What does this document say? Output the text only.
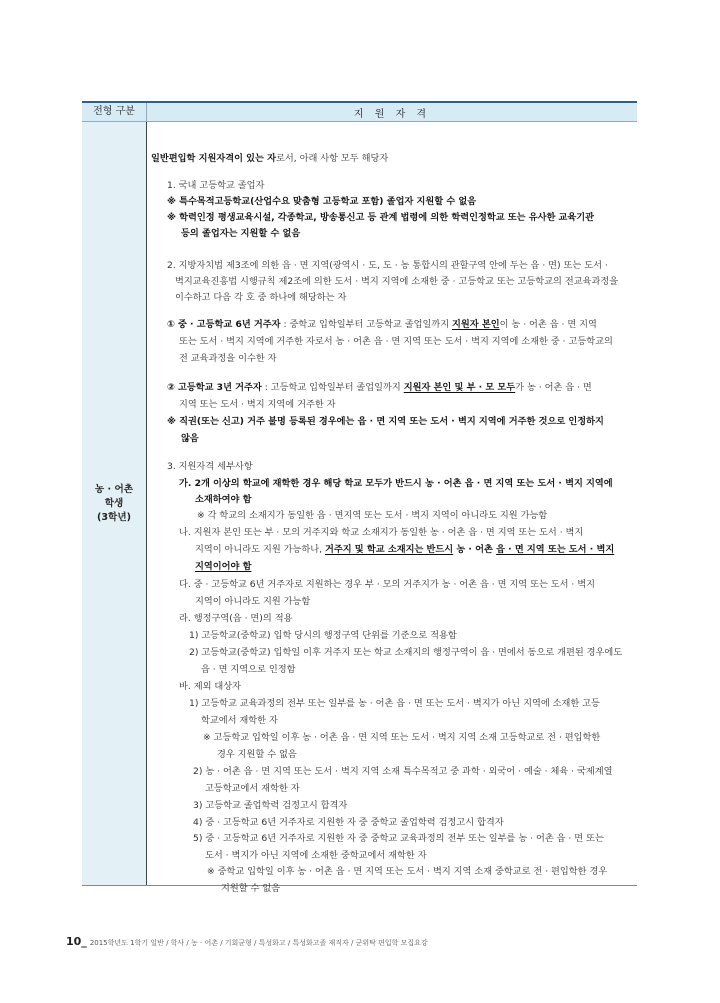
전형 구분	지 원 자 격
농 · 어촌
학생
(3학년)
일반편입학 지원자격이 있는 자로서, 아래 사항 모두 해당자
1. 국내 고등학교 졸업자
※ 특수목적고등학교(산업수요 맞춤형 고등학교 포함) 졸업자 지원할 수 없음
※ 학력인정 평생교육시설, 각종학교, 방송통신고 등 관계 법령에 의한 학력인정학교 또는 유사한 교육기관
등의 졸업자는 지원할 수 없음
2. 지방자치법 제3조에 의한 읍 · 면 지역(광역시 · 도, 도 · 농 통합시의 관할구역 안에 두는 읍 · 면) 또는 도서 ·
벽지교육진흥법 시행규칙 제2조에 의한 도서 · 벽지 지역에 소재한 중 · 고등학교 또는 고등학교의 전교육과정을
이수하고 다음 각 호 중 하나에 해당하는 자
① 중 · 고등학교 6년 거주자 : 중학교 입학일부터 고등학교 졸업일까지 지원자 본인이 농 · 어촌 읍 · 면 지역
또는 도서 · 벽지 지역에 거주한 자로서 농 · 어촌 읍 · 면 지역 또는 도서 · 벽지 지역에 소재한 중 · 고등학교의
전 교육과정을 이수한 자
② 고등학교 3년 거주자 : 고등학교 입학일부터 졸업일까지 지원자 본인 및 부 · 모 모두가 농 · 어촌 읍 · 면
지역 또는 도서 · 벽지 지역에 거주한 자
※ 직권(또는 신고) 거주 불명 등록된 경우에는 읍 · 면 지역 또는 도서 · 벽지 지역에 거주한 것으로 인정하지
않음
3. 지원자격 세부사항
가. 2개 이상의 학교에 재학한 경우 해당 학교 모두가 반드시 농 · 어촌 읍 · 면 지역 또는 도서 · 벽지 지역에
소재하여야 함
※ 각 학교의 소재지가 동일한 읍 · 면지역 또는 도서 · 벽지 지역이 아니라도 지원 가능함
나. 지원자 본인 또는 부 · 모의 거주지와 학교 소재지가 동일한 농 · 어촌 읍 · 면 지역 또는 도서 · 벽지
지역이 아니라도 지원 가능하나, 거주지 및 학교 소재지는 반드시 농 · 어촌 읍 · 면 지역 또는 도서 · 벽지
지역이어야 함
다. 중 · 고등학교 6년 거주자로 지원하는 경우 부 · 모의 거주지가 농 · 어촌 읍 · 면 지역 또는 도서 · 벽지
지역이 아니라도 지원 가능함
라. 행정구역(읍 · 면)의 적용
1) 고등학교(중학교) 입학 당시의 행정구역 단위를 기준으로 적용함
2) 고등학교(중학교) 입학일 이후 거주지 또는 학교 소재지의 행정구역이 읍 · 면에서 동으로 개편된 경우에도
읍 · 면 지역으로 인정함
바. 제외 대상자
1) 고등학교 교육과정의 전부 또는 일부를 농 · 어촌 읍 · 면 또는 도서 · 벽지가 아닌 지역에 소재한 고등
학교에서 재학한 자
※ 고등학교 입학일 이후 농 · 어촌 읍 · 면 지역 또는 도서 · 벽지 지역 소재 고등학교로 전 · 편입학한
경우 지원할 수 없음
2) 농 · 어촌 읍 · 면 지역 또는 도서 · 벽지 지역 소재 특수목적고 중 과학 · 외국어 · 예술 · 체육 · 국제계열
고등학교에서 재학한 자
3) 고등학교 졸업학력 검정고시 합격자
4) 중 · 고등학교 6년 거주자로 지원한 자 중 중학교 졸업학력 검정고시 합격자
5) 중 · 고등학교 6년 거주자로 지원한 자 중 중학교 교육과정의 전부 또는 일부를 농 · 어촌 읍 · 면 또는
도서 · 벽지가 아닌 지역에 소재한 중학교에서 재학한 자
※ 중학교 입학일 이후 농 · 어촌 읍 · 면 지역 또는 도서 · 벽지 지역 소재 중학교로 전 · 편입학한 경우
지원할 수 없음
10_ 2015학년도 1학기 일반 / 학사 / 농 · 어촌 / 기회균형 / 특성화고 / 특성화고졸 재직자 / 군위탁 편입학 모집요강
